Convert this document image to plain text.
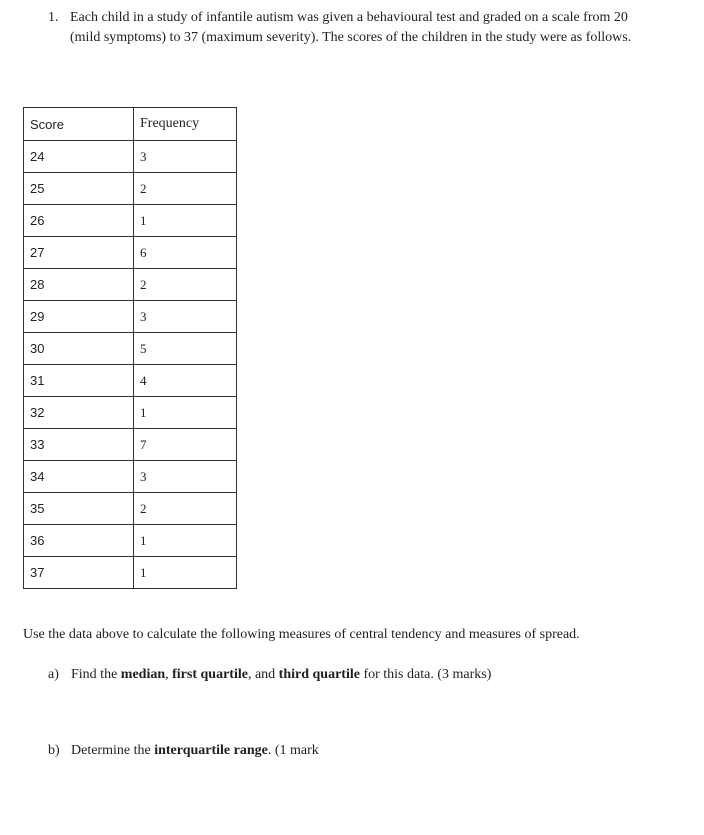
1. Each child in a study of infantile autism was given a behavioural test and graded on a scale from 20 (mild symptoms) to 37 (maximum severity). The scores of the children in the study were as follows.
Score	Frequency
24	3
25	2
26	1
27	6
28	2
29	3
30	5
31	4
32	1
33	7
34	3
35	2
36	1
37	1
Use the data above to calculate the following measures of central tendency and measures of spread.
a) Find the median, first quartile, and third quartile for this data. (3 marks)
b) Determine the interquartile range. (1 mark
